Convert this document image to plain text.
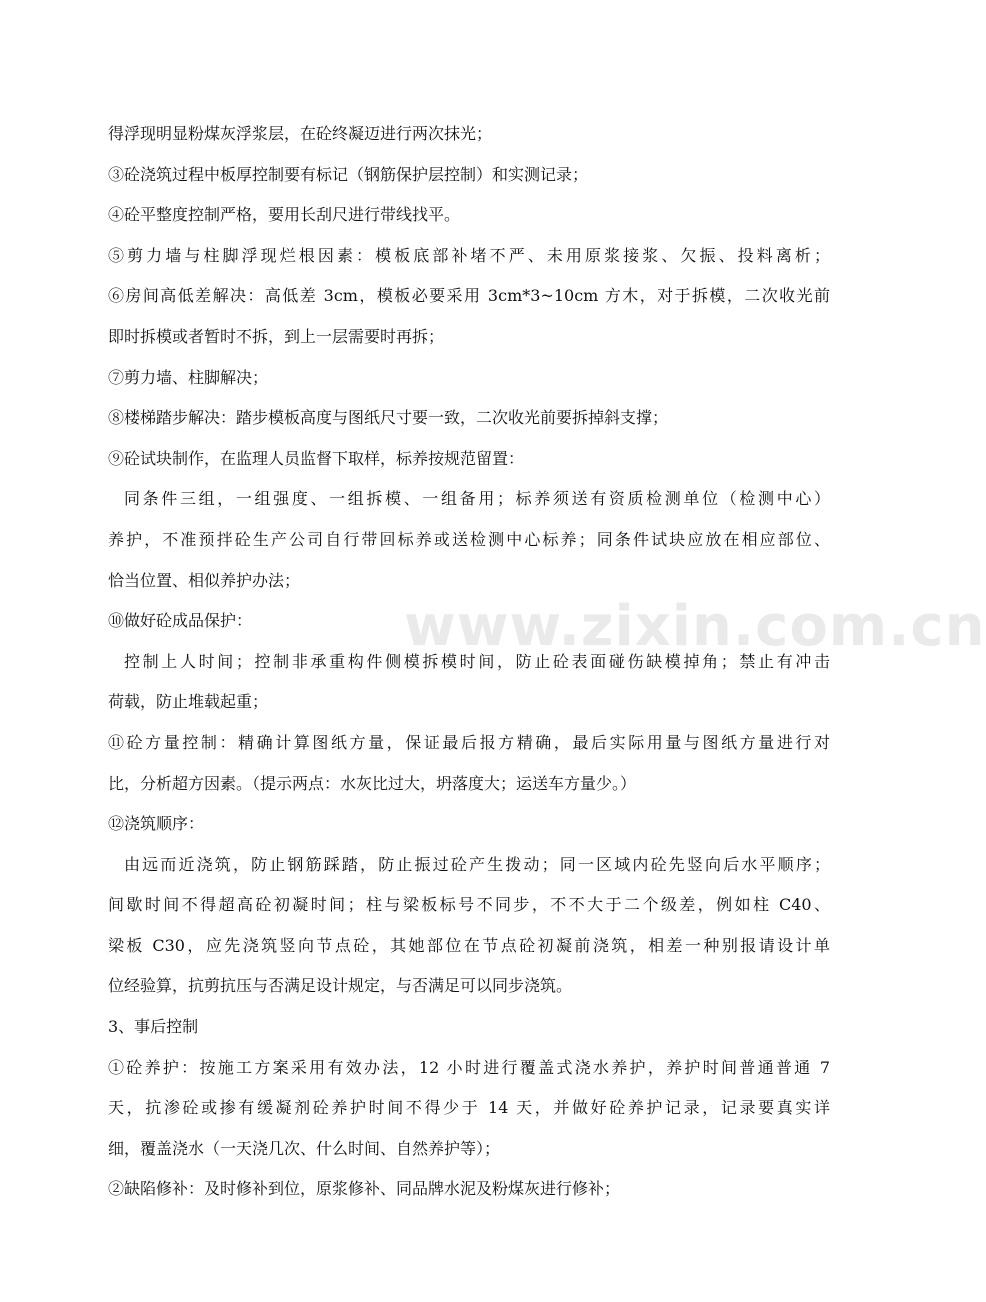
得浮现明显粉煤灰浮浆层，在砼终凝迈进行两次抹光；
③砼浇筑过程中板厚控制要有标记（钢筋保护层控制）和实测记录；
④砼平整度控制严格，要用长刮尺进行带线找平。
⑤剪力墙与柱脚浮现烂根因素：模板底部补堵不严、未用原浆接浆、欠振、投料离析；
⑥房间高低差解决：高低差 3cm，模板必要采用 3cm*3~10cm 方木，对于拆模，二次收光前
即时拆模或者暂时不拆，到上一层需要时再拆；
⑦剪力墙、柱脚解决；
⑧楼梯踏步解决：踏步模板高度与图纸尺寸要一致，二次收光前要拆掉斜支撑；
⑨砼试块制作，在监理人员监督下取样，标养按规范留置：
同条件三组，一组强度、一组拆模、一组备用；标养须送有资质检测单位（检测中心）
养护，不准预拌砼生产公司自行带回标养或送检测中心标养；同条件试块应放在相应部位、
恰当位置、相似养护办法；
⑩做好砼成品保护：
控制上人时间；控制非承重构件侧模拆模时间，防止砼表面碰伤缺模掉角；禁止有冲击
荷载，防止堆载起重；
⑪砼方量控制：精确计算图纸方量，保证最后报方精确，最后实际用量与图纸方量进行对
比，分析超方因素。（提示两点：水灰比过大，坍落度大；运送车方量少。）
⑫浇筑顺序：
由远而近浇筑，防止钢筋踩踏，防止振过砼产生拨动；同一区域内砼先竖向后水平顺序；
间歇时间不得超高砼初凝时间；柱与梁板标号不同步，不不大于二个级差，例如柱 C40、
梁板 C30，应先浇筑竖向节点砼，其她部位在节点砼初凝前浇筑，相差一种别报请设计单
位经验算，抗剪抗压与否满足设计规定，与否满足可以同步浇筑。
3、事后控制
①砼养护：按施工方案采用有效办法，12 小时进行覆盖式浇水养护，养护时间普通普通 7
天，抗渗砼或掺有缓凝剂砼养护时间不得少于 14 天，并做好砼养护记录，记录要真实详
细，覆盖浇水（一天浇几次、什么时间、自然养护等）；
②缺陷修补：及时修补到位，原浆修补、同品牌水泥及粉煤灰进行修补；
www.zixin.com.cn
